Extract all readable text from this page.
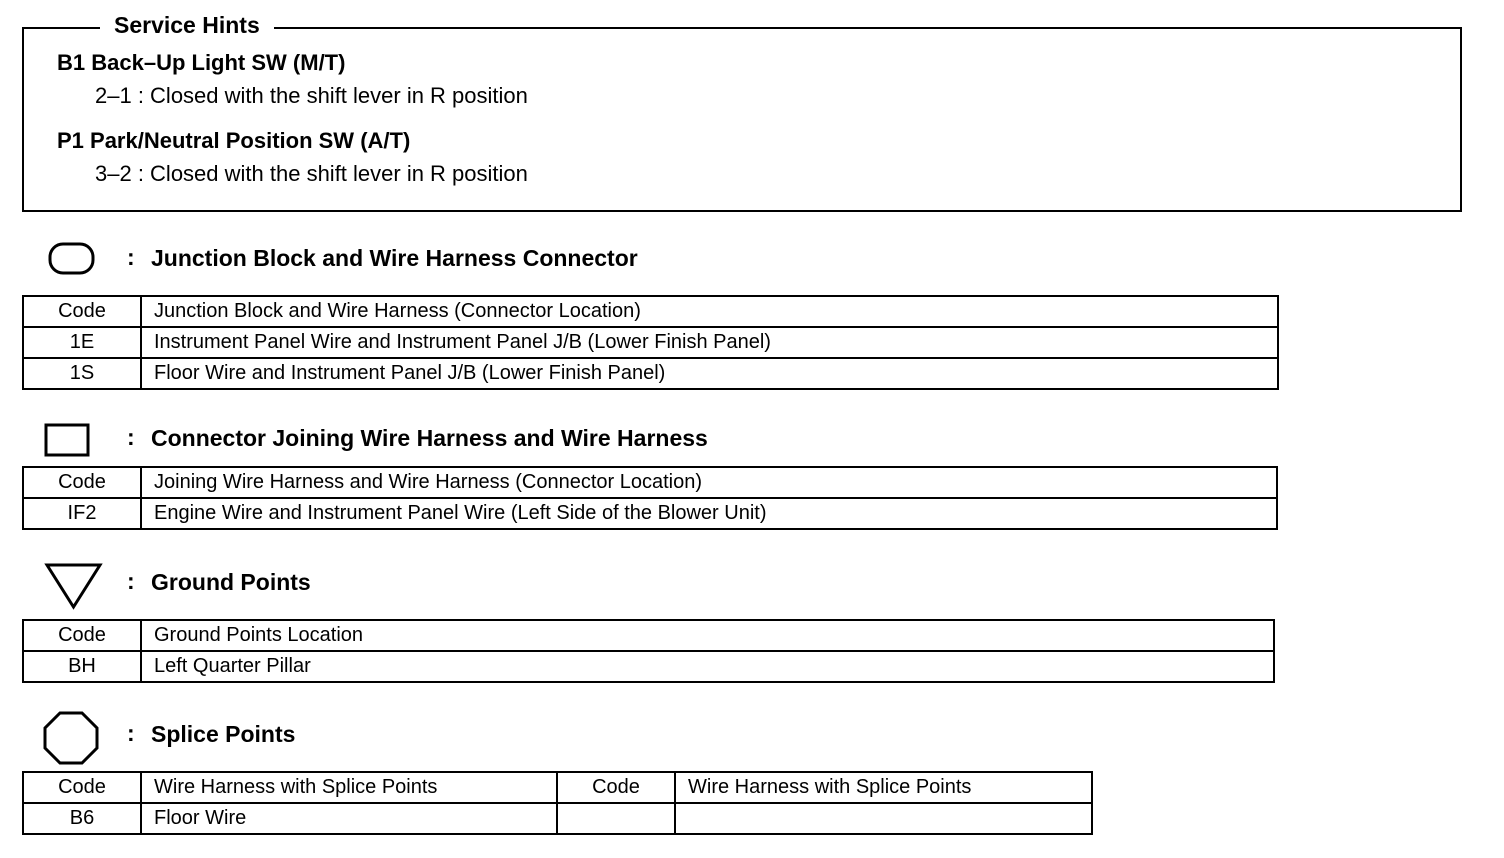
Service Hints
B1 Back–Up Light SW (M/T)
2–1 : Closed with the shift lever in R position
P1 Park/Neutral Position SW (A/T)
3–2 : Closed with the shift lever in R position
: Junction Block and Wire Harness Connector
Code	Junction Block and Wire Harness (Connector Location)
1E	Instrument Panel Wire and Instrument Panel J/B (Lower Finish Panel)
1S	Floor Wire and Instrument Panel J/B (Lower Finish Panel)
: Connector Joining Wire Harness and Wire Harness
Code	Joining Wire Harness and Wire Harness (Connector Location)
IF2	Engine Wire and Instrument Panel Wire (Left Side of the Blower Unit)
: Ground Points
Code	Ground Points Location
BH	Left Quarter Pillar
: Splice Points
Code	Wire Harness with Splice Points	Code	Wire Harness with Splice Points
B6	Floor Wire		
